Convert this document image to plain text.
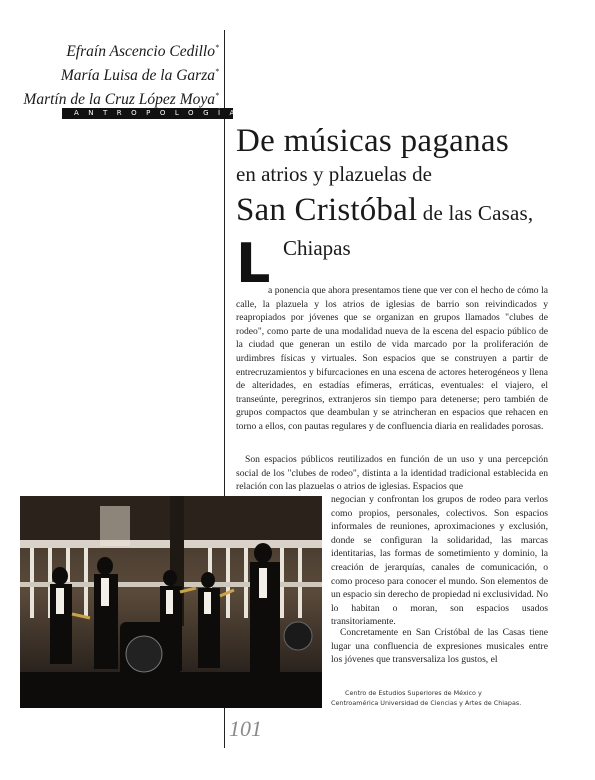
Efraín Ascencio Cedillo*
María Luisa de la Garza*
Martín de la Cruz López Moya*
ANTROPOLOGÍA
De músicas paganas
en atrios y plazuelas de
San Cristóbal de las Casas,
Chiapas
L

a ponencia que ahora presentamos tiene que ver con el hecho de cómo la calle, la plazuela y los atrios de iglesias de barrio son reivindicados y reapropiados por jóvenes que se organizan en grupos llamados "clubes de rodeo", como parte de una modalidad nueva de la escena del espacio público de la ciudad que generan un estilo de vida marcado por la proliferación de urdimbres físicas y virtuales. Son espacios que se construyen a partir de entrecruzamientos y bifurcaciones en una escena de actores heterogéneos y llena de alteridades, en estadías efímeras, erráticas, eventuales: el viajero, el transeúnte, peregrinos, extranjeros sin tiempo para detenerse; pero también de grupos compactos que deambulan y se atrincheran en espacios que rehacen en torno a ellos, con pautas regulares y de confluencia diaria en realidades porosas.

Son espacios públicos reutilizados en función de un uso y una percepción social de los "clubes de rodeo", distinta a la identidad tradicional establecida en relación con las plazuelas o atrios de iglesias. Espacios que

negocian y confrontan los grupos de rodeo para verlos como propios, personales, colectivos. Son espacios informales de reuniones, aproximaciones y exclusión, donde se configuran la solidaridad, las marcas identitarias, las formas de sometimiento y dominio, la creación de jerarquías, canales de comunicación, o como proceso para conocer el mundo. Son elementos de un espacio sin derecho de propiedad ni exclusividad. No lo habitan o moran, son espacios usados transitoriamente.

Concretamente en San Cristóbal de las Casas tiene lugar una confluencia de expresiones musicales entre los jóvenes que transversaliza los gustos, el

Centro de Estudios Superiores de México y Centroamérica Universidad de Ciencias y Artes de Chiapas.
101
